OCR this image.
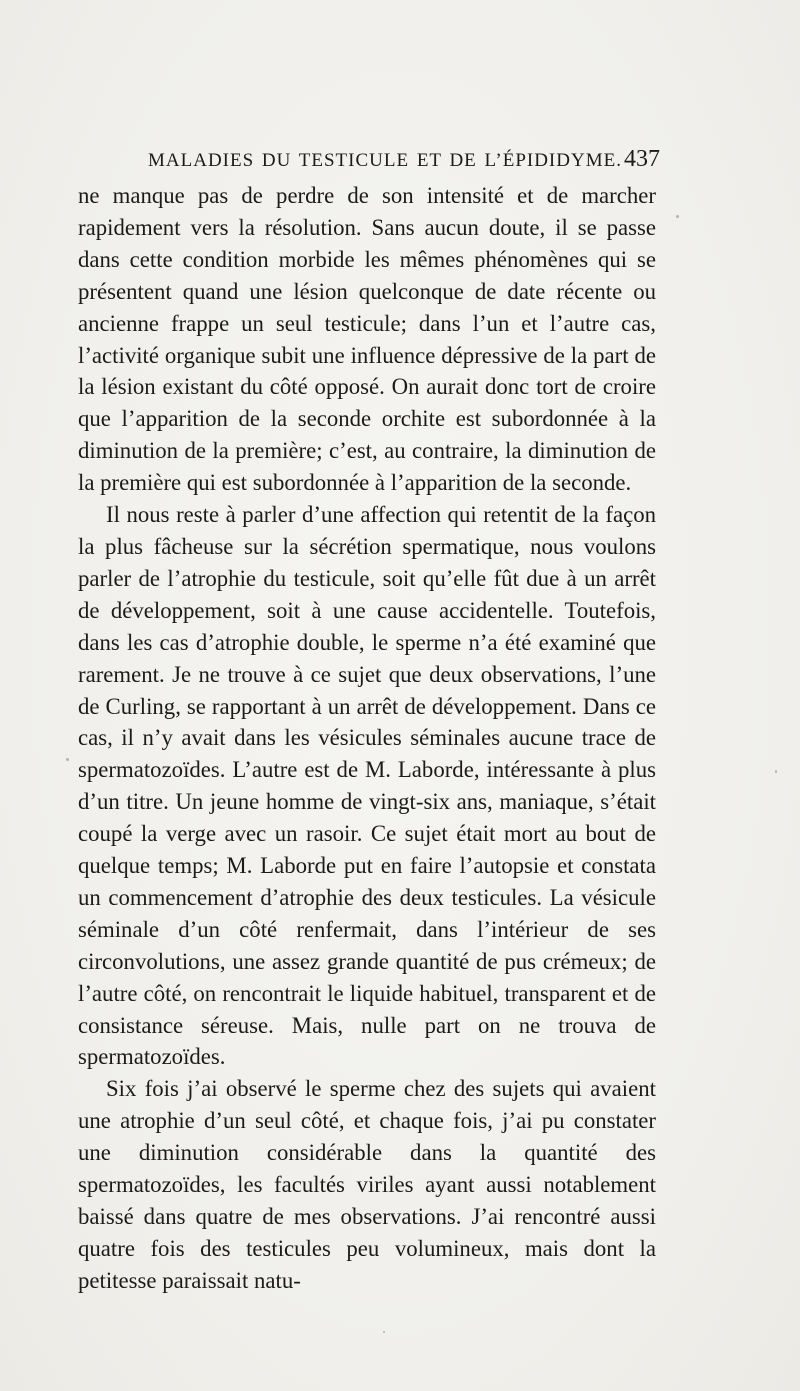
MALADIES DU TESTICULE ET DE L’ÉPIDIDYME. 437

ne manque pas de perdre de son intensité et de marcher rapidement vers la résolution. Sans aucun doute, il se passe dans cette condition morbide les mêmes phénomènes qui se présentent quand une lésion quelconque de date récente ou ancienne frappe un seul testicule; dans l’un et l’autre cas, l’activité organique subit une influence dépressive de la part de la lésion existant du côté opposé. On aurait donc tort de croire que l’apparition de la seconde orchite est subordonnée à la diminution de la première; c’est, au contraire, la diminution de la première qui est subordonnée à l’apparition de la seconde.

Il nous reste à parler d’une affection qui retentit de la façon la plus fâcheuse sur la sécrétion spermatique, nous voulons parler de l’atrophie du testicule, soit qu’elle fût due à un arrêt de développement, soit à une cause accidentelle. Toutefois, dans les cas d’atrophie double, le sperme n’a été examiné que rarement. Je ne trouve à ce sujet que deux observations, l’une de Curling, se rapportant à un arrêt de développement. Dans ce cas, il n’y avait dans les vésicules séminales aucune trace de spermatozoïdes. L’autre est de M. Laborde, intéressante à plus d’un titre. Un jeune homme de vingt-six ans, maniaque, s’était coupé la verge avec un rasoir. Ce sujet était mort au bout de quelque temps; M. Laborde put en faire l’autopsie et constata un commencement d’atrophie des deux testicules. La vésicule séminale d’un côté renfermait, dans l’intérieur de ses circonvolutions, une assez grande quantité de pus crémeux; de l’autre côté, on rencontrait le liquide habituel, transparent et de consistance séreuse. Mais, nulle part on ne trouva de spermatozoïdes.

Six fois j’ai observé le sperme chez des sujets qui avaient une atrophie d’un seul côté, et chaque fois, j’ai pu constater une diminution considérable dans la quantité des spermatozoïdes, les facultés viriles ayant aussi notablement baissé dans quatre de mes observations. J’ai rencontré aussi quatre fois des testicules peu volumineux, mais dont la petitesse paraissait natu-
